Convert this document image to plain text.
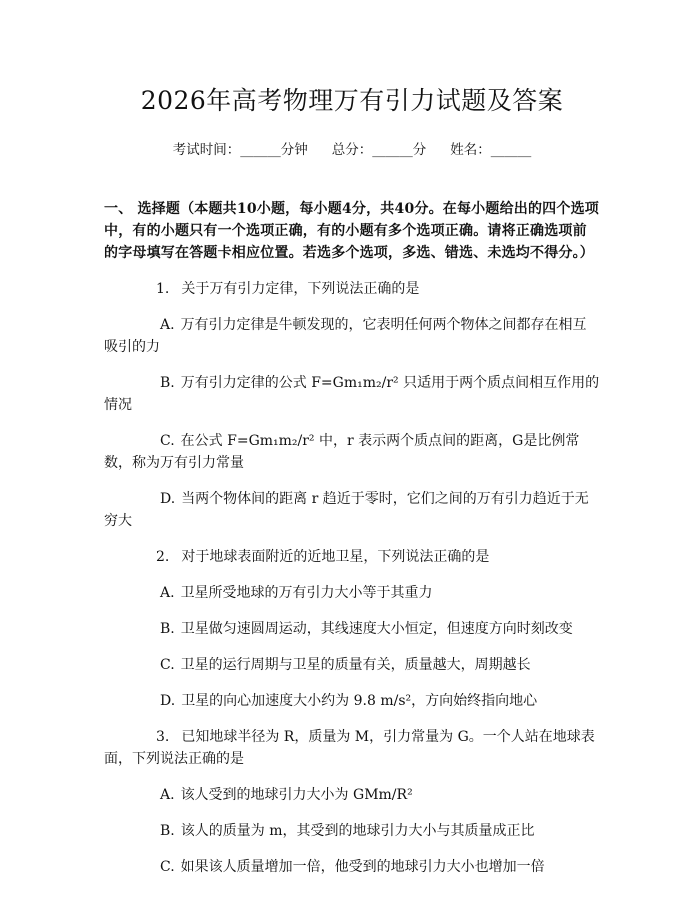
2026年高考物理万有引力试题及答案
考试时间：______分钟 总分：______分 姓名：______
一、 选择题（本题共10小题，每小题4分，共40分。在每小题给出的四个选项中，有的小题只有一个选项正确，有的小题有多个选项正确。请将正确选项前的字母填写在答题卡相应位置。若选多个选项，多选、错选、未选均不得分。）
1. 关于万有引力定律，下列说法正确的是
A. 万有引力定律是牛顿发现的，它表明任何两个物体之间都存在相互吸引的力
B. 万有引力定律的公式 F=Gm₁m₂/r² 只适用于两个质点间相互作用的情况
C. 在公式 F=Gm₁m₂/r² 中，r 表示两个质点间的距离，G是比例常数，称为万有引力常量
D. 当两个物体间的距离 r 趋近于零时，它们之间的万有引力趋近于无穷大
2. 对于地球表面附近的近地卫星，下列说法正确的是
A. 卫星所受地球的万有引力大小等于其重力
B. 卫星做匀速圆周运动，其线速度大小恒定，但速度方向时刻改变
C. 卫星的运行周期与卫星的质量有关，质量越大，周期越长
D. 卫星的向心加速度大小约为 9.8 m/s²，方向始终指向地心
3. 已知地球半径为 R，质量为 M，引力常量为 G。一个人站在地球表面，下列说法正确的是
A. 该人受到的地球引力大小为 GMm/R²
B. 该人的质量为 m，其受到的地球引力大小与其质量成正比
C. 如果该人质量增加一倍，他受到的地球引力大小也增加一倍
